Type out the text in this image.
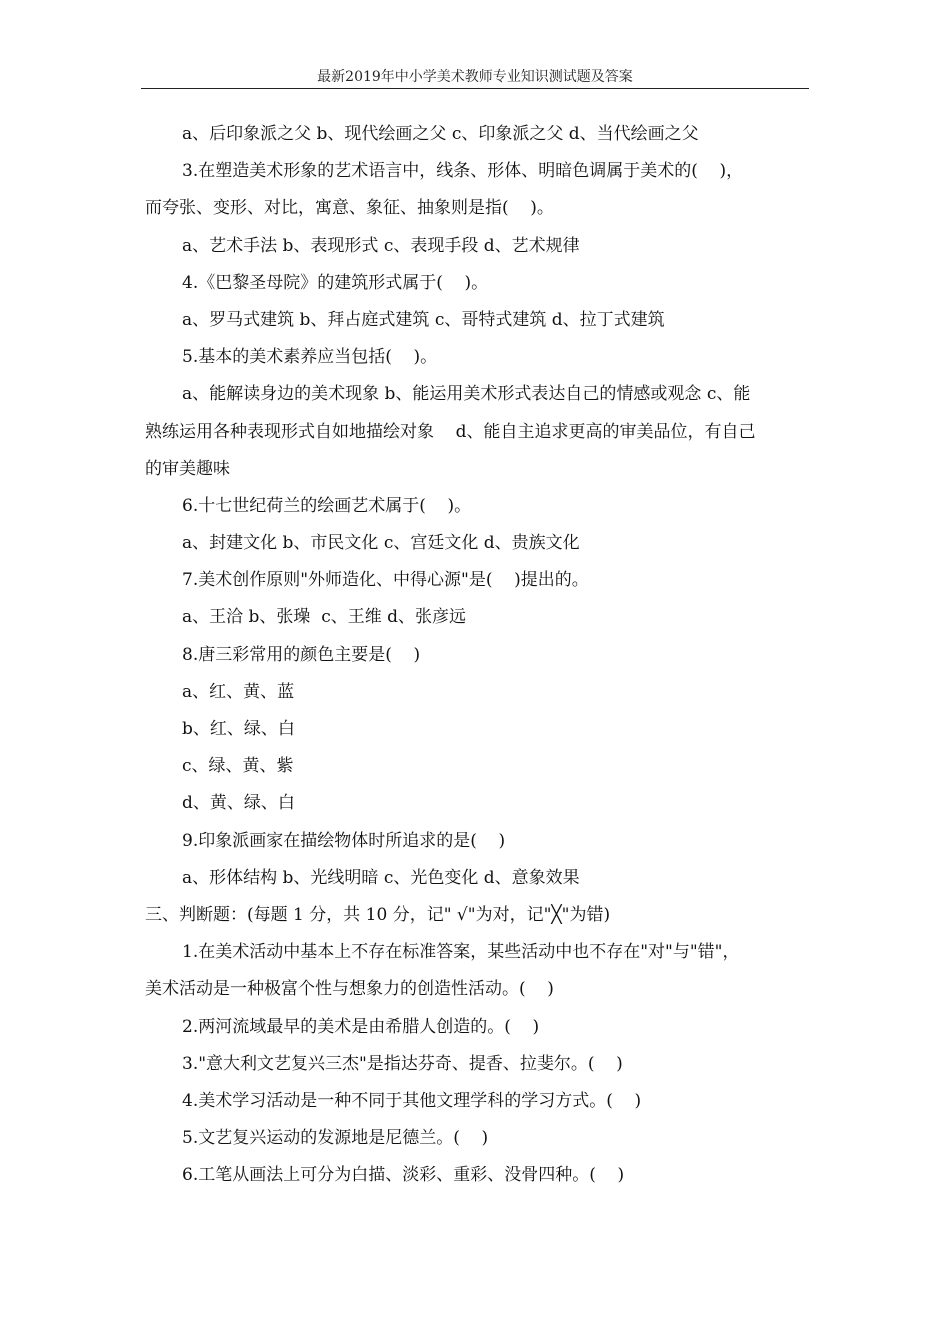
最新2019年中小学美术教师专业知识测试题及答案
a、后印象派之父 b、现代绘画之父 c、印象派之父 d、当代绘画之父
3.在塑造美术形象的艺术语言中，线条、形体、明暗色调属于美术的(    )，
而夸张、变形、对比，寓意、象征、抽象则是指(    )。
a、艺术手法 b、表现形式 c、表现手段 d、艺术规律
4.《巴黎圣母院》的建筑形式属于(    )。
a、罗马式建筑 b、拜占庭式建筑 c、哥特式建筑 d、拉丁式建筑
5.基本的美术素养应当包括(    )。
a、能解读身边的美术现象 b、能运用美术形式表达自己的情感或观念 c、能
熟练运用各种表现形式自如地描绘对象    d、能自主追求更高的审美品位，有自己
的审美趣味
6.十七世纪荷兰的绘画艺术属于(    )。
a、封建文化 b、市民文化 c、宫廷文化 d、贵族文化
7.美术创作原则"外师造化、中得心源"是(    )提出的。
a、王洽 b、张璪  c、王维 d、张彦远
8.唐三彩常用的颜色主要是(    )
a、红、黄、蓝
b、红、绿、白
c、绿、黄、紫
d、黄、绿、白
9.印象派画家在描绘物体时所追求的是(    )
a、形体结构 b、光线明暗 c、光色变化 d、意象效果
三、判断题：(每题 1 分，共 10 分，记" √"为对，记"╳"为错)
1.在美术活动中基本上不存在标准答案，某些活动中也不存在"对"与"错"，
美术活动是一种极富个性与想象力的创造性活动。(    )
2.两河流域最早的美术是由希腊人创造的。(    )
3."意大利文艺复兴三杰"是指达芬奇、提香、拉斐尔。(    )
4.美术学习活动是一种不同于其他文理学科的学习方式。(    )
5.文艺复兴运动的发源地是尼德兰。(    )
6.工笔从画法上可分为白描、淡彩、重彩、没骨四种。(    )
